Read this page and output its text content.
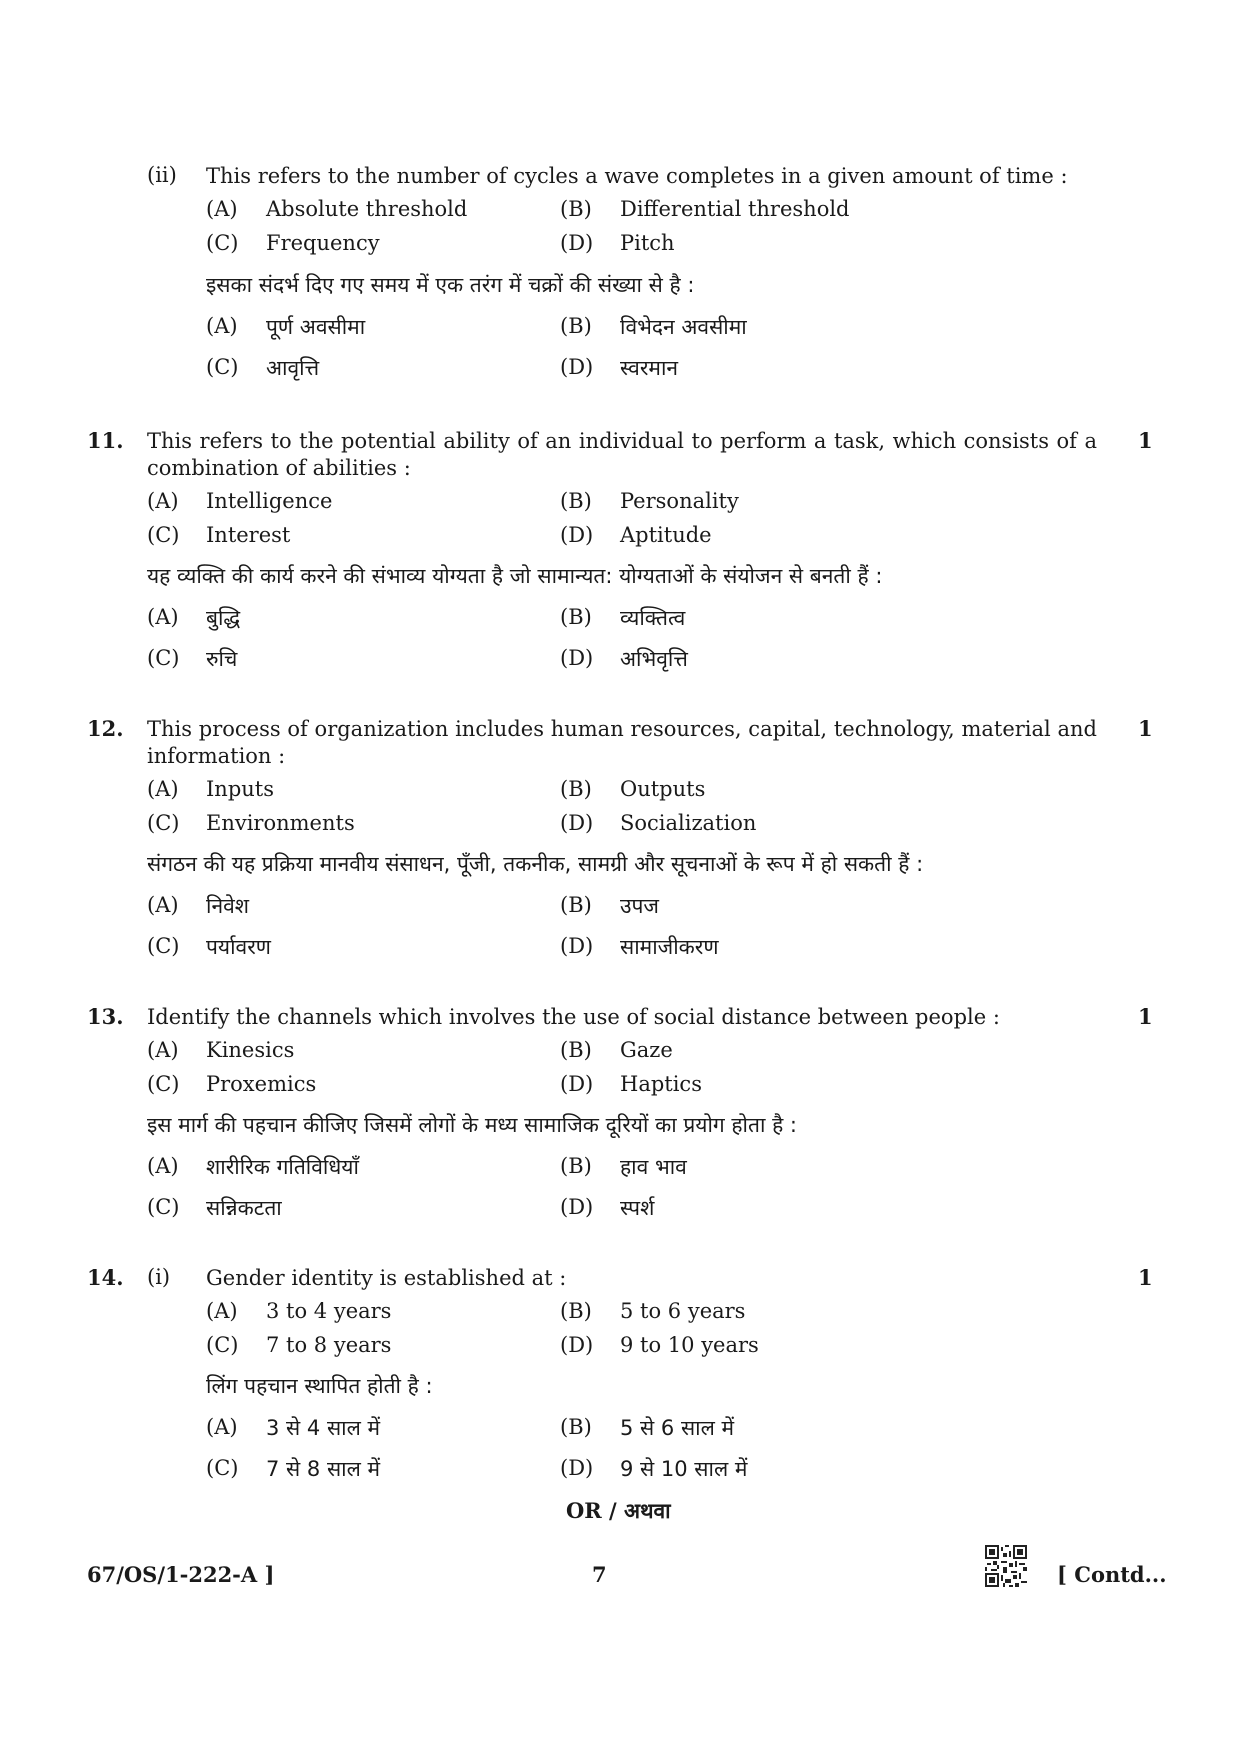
(ii) This refers to the number of cycles a wave completes in a given amount of time :
(A) Absolute threshold	(B) Differential threshold
(C) Frequency	(D) Pitch
इसका संदर्भ दिए गए समय में एक तरंग में चक्रों की संख्या से है :
(A) पूर्ण अवसीमा	(B) विभेदन अवसीमा
(C) आवृत्ति	(D) स्वरमान
11. This refers to the potential ability of an individual to perform a task, which consists of a
combination of abilities :
1
(A) Intelligence	(B) Personality
(C) Interest	(D) Aptitude
यह व्यक्ति की कार्य करने की संभाव्य योग्यता है जो सामान्यत: योग्यताओं के संयोजन से बनती हैं :
(A) बुद्धि	(B) व्यक्तित्व
(C) रुचि	(D) अभिवृत्ति
12. This process of organization includes human resources, capital, technology, material and
information :
1
(A) Inputs	(B) Outputs
(C) Environments	(D) Socialization
संगठन की यह प्रक्रिया मानवीय संसाधन, पूँजी, तकनीक, सामग्री और सूचनाओं के रूप में हो सकती हैं :
(A) निवेश	(B) उपज
(C) पर्यावरण	(D) सामाजीकरण
13. Identify the channels which involves the use of social distance between people :	1
(A) Kinesics	(B) Gaze
(C) Proxemics	(D) Haptics
इस मार्ग की पहचान कीजिए जिसमें लोगों के मध्य सामाजिक दूरियों का प्रयोग होता है :
(A) शारीरिक गतिविधियाँ	(B) हाव भाव
(C) सन्निकटता	(D) स्पर्श
14. (i) Gender identity is established at :	1
(A) 3 to 4 years	(B) 5 to 6 years
(C) 7 to 8 years	(D) 9 to 10 years
लिंग पहचान स्थापित होती है :
(A) 3 से 4 साल में	(B) 5 से 6 साल में
(C) 7 से 8 साल में	(D) 9 से 10 साल में
OR / अथवा
67/OS/1-222-A ]	7	[ Contd...
